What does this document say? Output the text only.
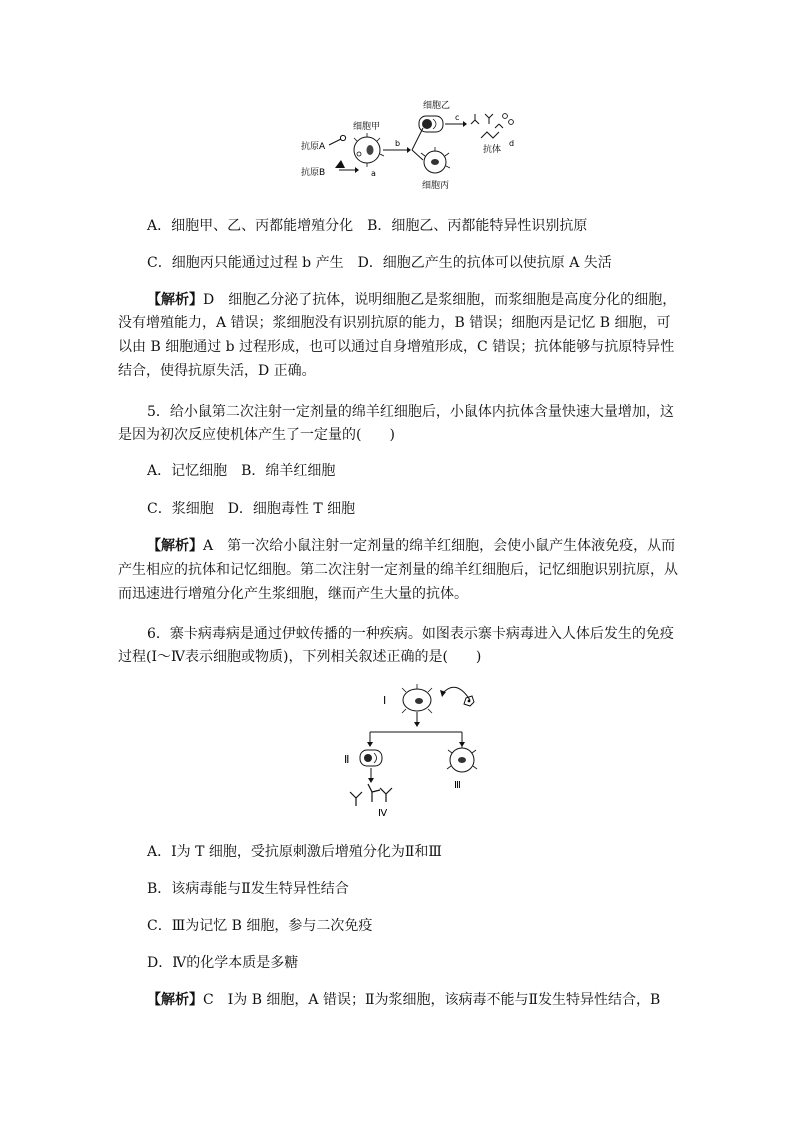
抗原A
抗原B	a
细胞甲
b
细胞乙
c
抗体
d
细胞丙
A．细胞甲、乙、丙都能增殖分化　B．细胞乙、丙都能特异性识别抗原
C．细胞丙只能通过过程 b 产生　D．细胞乙产生的抗体可以使抗原 A 失活
【解析】D　细胞乙分泌了抗体，说明细胞乙是浆细胞，而浆细胞是高度分化的细胞，
没有增殖能力，A 错误；浆细胞没有识别抗原的能力，B 错误；细胞丙是记忆 B 细胞，可
以由 B 细胞通过 b 过程形成，也可以通过自身增殖形成，C 错误；抗体能够与抗原特异性
结合，使得抗原失活，D 正确。
5．给小鼠第二次注射一定剂量的绵羊红细胞后，小鼠体内抗体含量快速大量增加，这
是因为初次反应使机体产生了一定量的(　　)
A．记忆细胞　B．绵羊红细胞
C．浆细胞　D．细胞毒性 T 细胞
【解析】A　第一次给小鼠注射一定剂量的绵羊红细胞，会使小鼠产生体液免疫，从而
产生相应的抗体和记忆细胞。第二次注射一定剂量的绵羊红细胞后，记忆细胞识别抗原，从
而迅速进行增殖分化产生浆细胞，继而产生大量的抗体。
6．寨卡病毒病是通过伊蚊传播的一种疾病。如图表示寨卡病毒进入人体后发生的免疫
过程(Ⅰ～Ⅳ表示细胞或物质)，下列相关叙述正确的是(　　)
Ⅰ
Ⅱ
Ⅳ
Ⅲ
A．Ⅰ为 T 细胞，受抗原刺激后增殖分化为Ⅱ和Ⅲ
B．该病毒能与Ⅱ发生特异性结合
C．Ⅲ为记忆 B 细胞，参与二次免疫
D．Ⅳ的化学本质是多糖
【解析】C　Ⅰ为 B 细胞，A 错误；Ⅱ为浆细胞，该病毒不能与Ⅱ发生特异性结合，B
